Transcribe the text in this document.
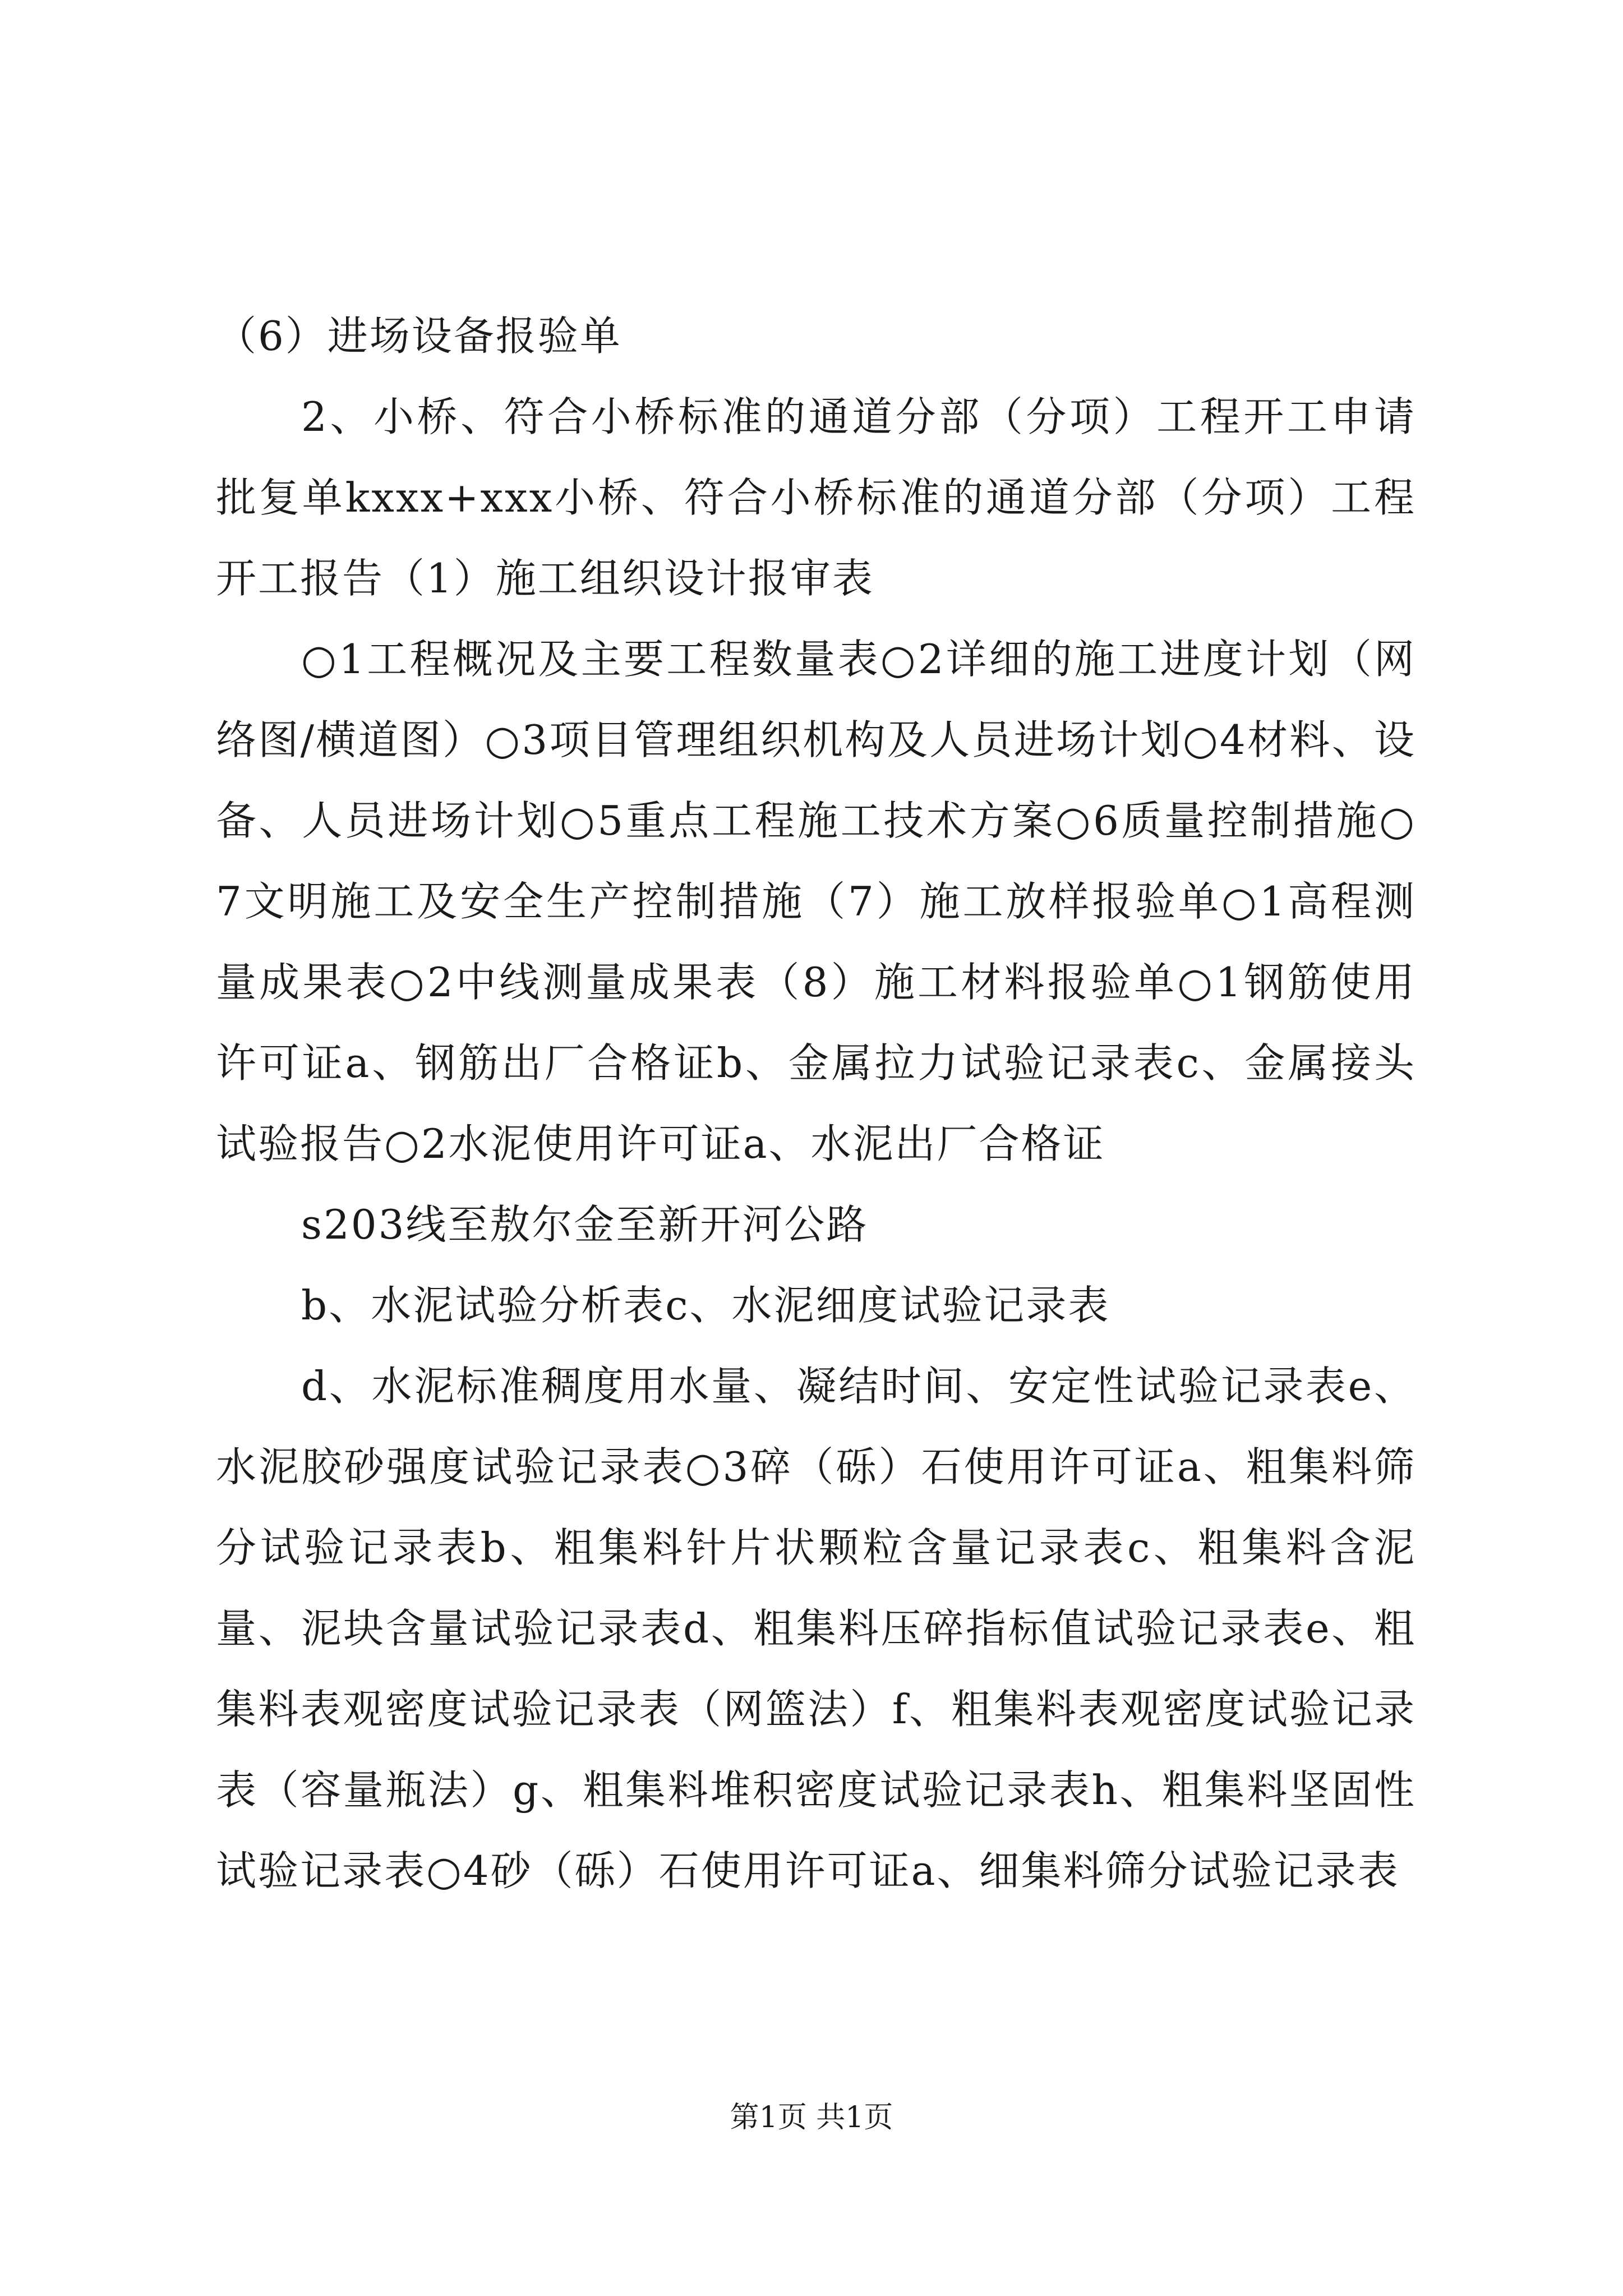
（6）进场设备报验单

2、小桥、符合小桥标准的通道分部（分项）工程开工申请批复单kxxx+xxx小桥、符合小桥标准的通道分部（分项）工程开工报告（1）施工组织设计报审表

○1工程概况及主要工程数量表○2详细的施工进度计划（网络图/横道图）○3项目管理组织机构及人员进场计划○4材料、设备、人员进场计划○5重点工程施工技术方案○6质量控制措施○7文明施工及安全生产控制措施（7）施工放样报验单○1高程测量成果表○2中线测量成果表（8）施工材料报验单○1钢筋使用许可证a、钢筋出厂合格证b、金属拉力试验记录表c、金属接头试验报告○2水泥使用许可证a、水泥出厂合格证

s203线至敖尔金至新开河公路

b、水泥试验分析表c、水泥细度试验记录表

d、水泥标准稠度用水量、凝结时间、安定性试验记录表e、水泥胶砂强度试验记录表○3碎（砾）石使用许可证a、粗集料筛分试验记录表b、粗集料针片状颗粒含量记录表c、粗集料含泥量、泥块含量试验记录表d、粗集料压碎指标值试验记录表e、粗集料表观密度试验记录表（网篮法）f、粗集料表观密度试验记录表（容量瓶法）g、粗集料堆积密度试验记录表h、粗集料坚固性试验记录表○4砂（砾）石使用许可证a、细集料筛分试验记录表

第1页 共1页
